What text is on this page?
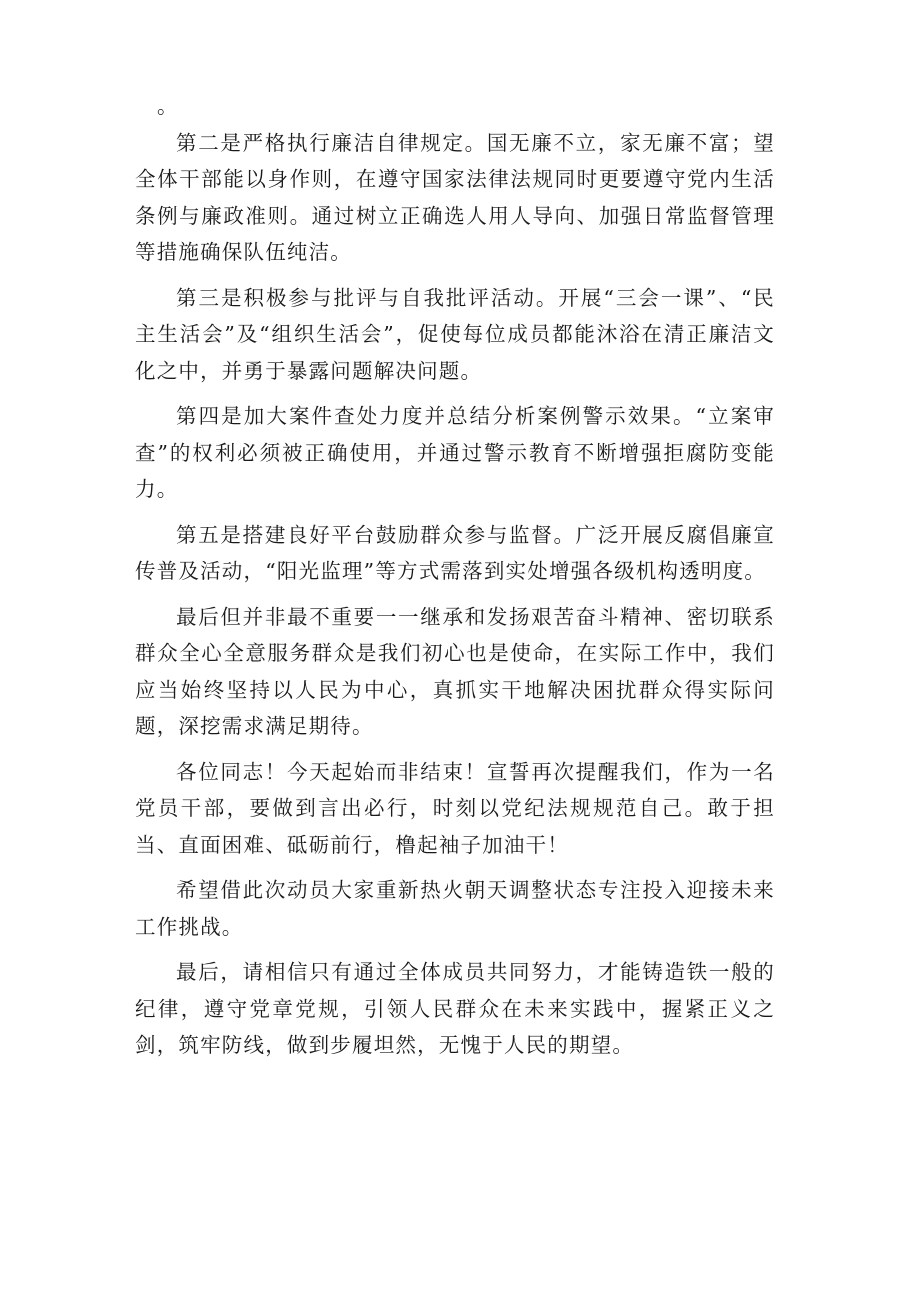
。

第二是严格执行廉洁自律规定。国无廉不立，家无廉不富；望全体干部能以身作则，在遵守国家法律法规同时更要遵守党内生活条例与廉政准则。通过树立正确选人用人导向、加强日常监督管理等措施确保队伍纯洁。

第三是积极参与批评与自我批评活动。开展“三会一课”、“民主生活会”及“组织生活会”，促使每位成员都能沐浴在清正廉洁文化之中，并勇于暴露问题解决问题。

第四是加大案件查处力度并总结分析案例警示效果。“立案审查”的权利必须被正确使用，并通过警示教育不断增强拒腐防变能力。

第五是搭建良好平台鼓励群众参与监督。广泛开展反腐倡廉宣传普及活动，“阳光监理”等方式需落到实处增强各级机构透明度。

最后但并非最不重要一一继承和发扬艰苦奋斗精神、密切联系群众全心全意服务群众是我们初心也是使命，在实际工作中，我们应当始终坚持以人民为中心，真抓实干地解决困扰群众得实际问题，深挖需求满足期待。

各位同志！今天起始而非结束！宣誓再次提醒我们，作为一名党员干部，要做到言出必行，时刻以党纪法规规范自己。敢于担当、直面困难、砥砺前行，橹起袖子加油干！

希望借此次动员大家重新热火朝天调整状态专注投入迎接未来工作挑战。

最后，请相信只有通过全体成员共同努力，才能铸造铁一般的纪律，遵守党章党规，引领人民群众在未来实践中，握紧正义之剑，筑牢防线，做到步履坦然，无愧于人民的期望。
